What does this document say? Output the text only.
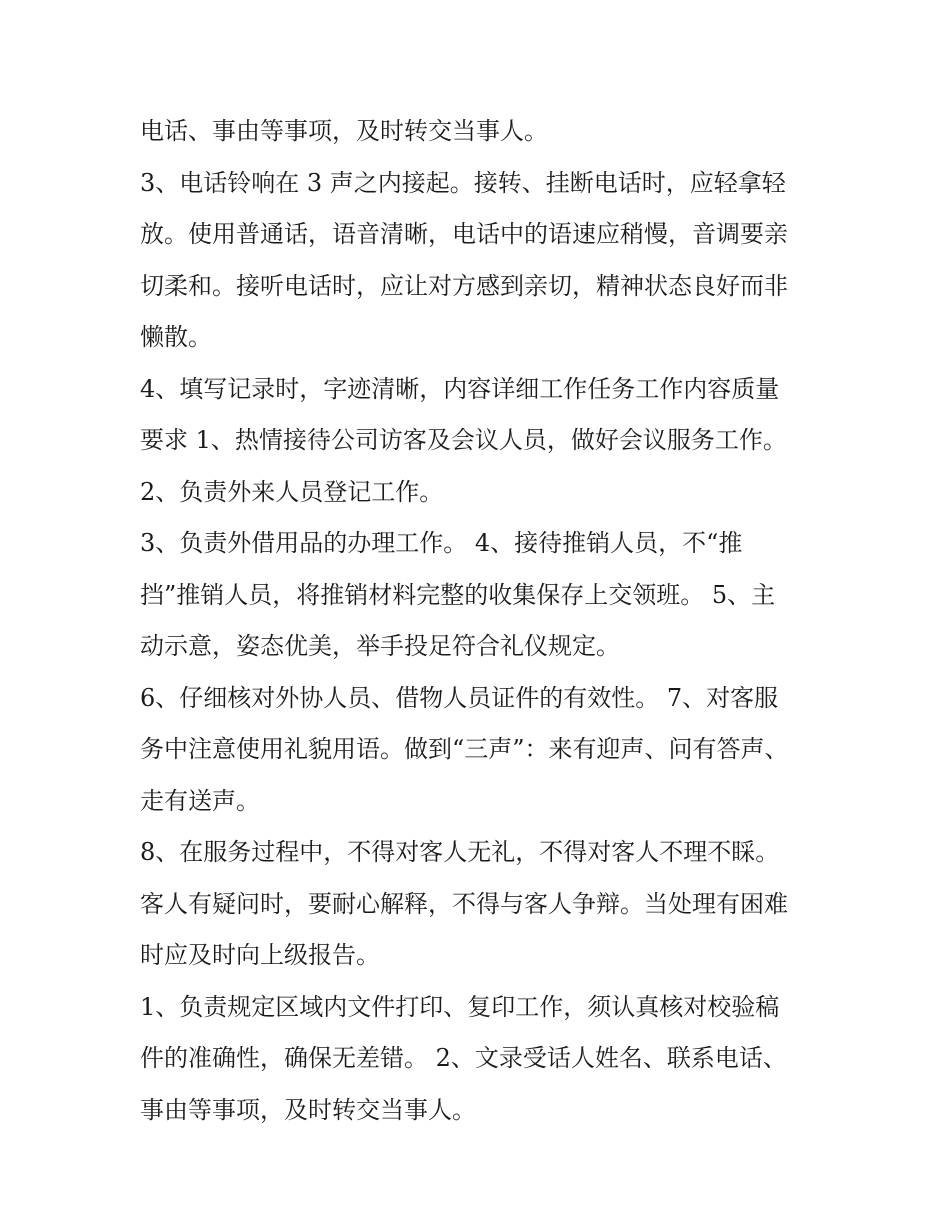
电话、事由等事项，及时转交当事人。

3、电话铃响在 3 声之内接起。接转、挂断电话时，应轻拿轻

放。使用普通话，语音清晰，电话中的语速应稍慢，音调要亲

切柔和。接听电话时，应让对方感到亲切，精神状态良好而非

懒散。

4、填写记录时，字迹清晰，内容详细工作任务工作内容质量

要求 1、热情接待公司访客及会议人员，做好会议服务工作。

2、负责外来人员登记工作。

3、负责外借用品的办理工作。 4、接待推销人员，不“推

挡”推销人员，将推销材料完整的收集保存上交领班。 5、主

动示意，姿态优美，举手投足符合礼仪规定。

6、仔细核对外协人员、借物人员证件的有效性。 7、对客服

务中注意使用礼貌用语。做到“三声”：来有迎声、问有答声、

走有送声。

8、在服务过程中，不得对客人无礼，不得对客人不理不睬。

客人有疑问时，要耐心解释，不得与客人争辩。当处理有困难

时应及时向上级报告。

1、负责规定区域内文件打印、复印工作，须认真核对校验稿

件的准确性，确保无差错。 2、文录受话人姓名、联系电话、

事由等事项，及时转交当事人。
